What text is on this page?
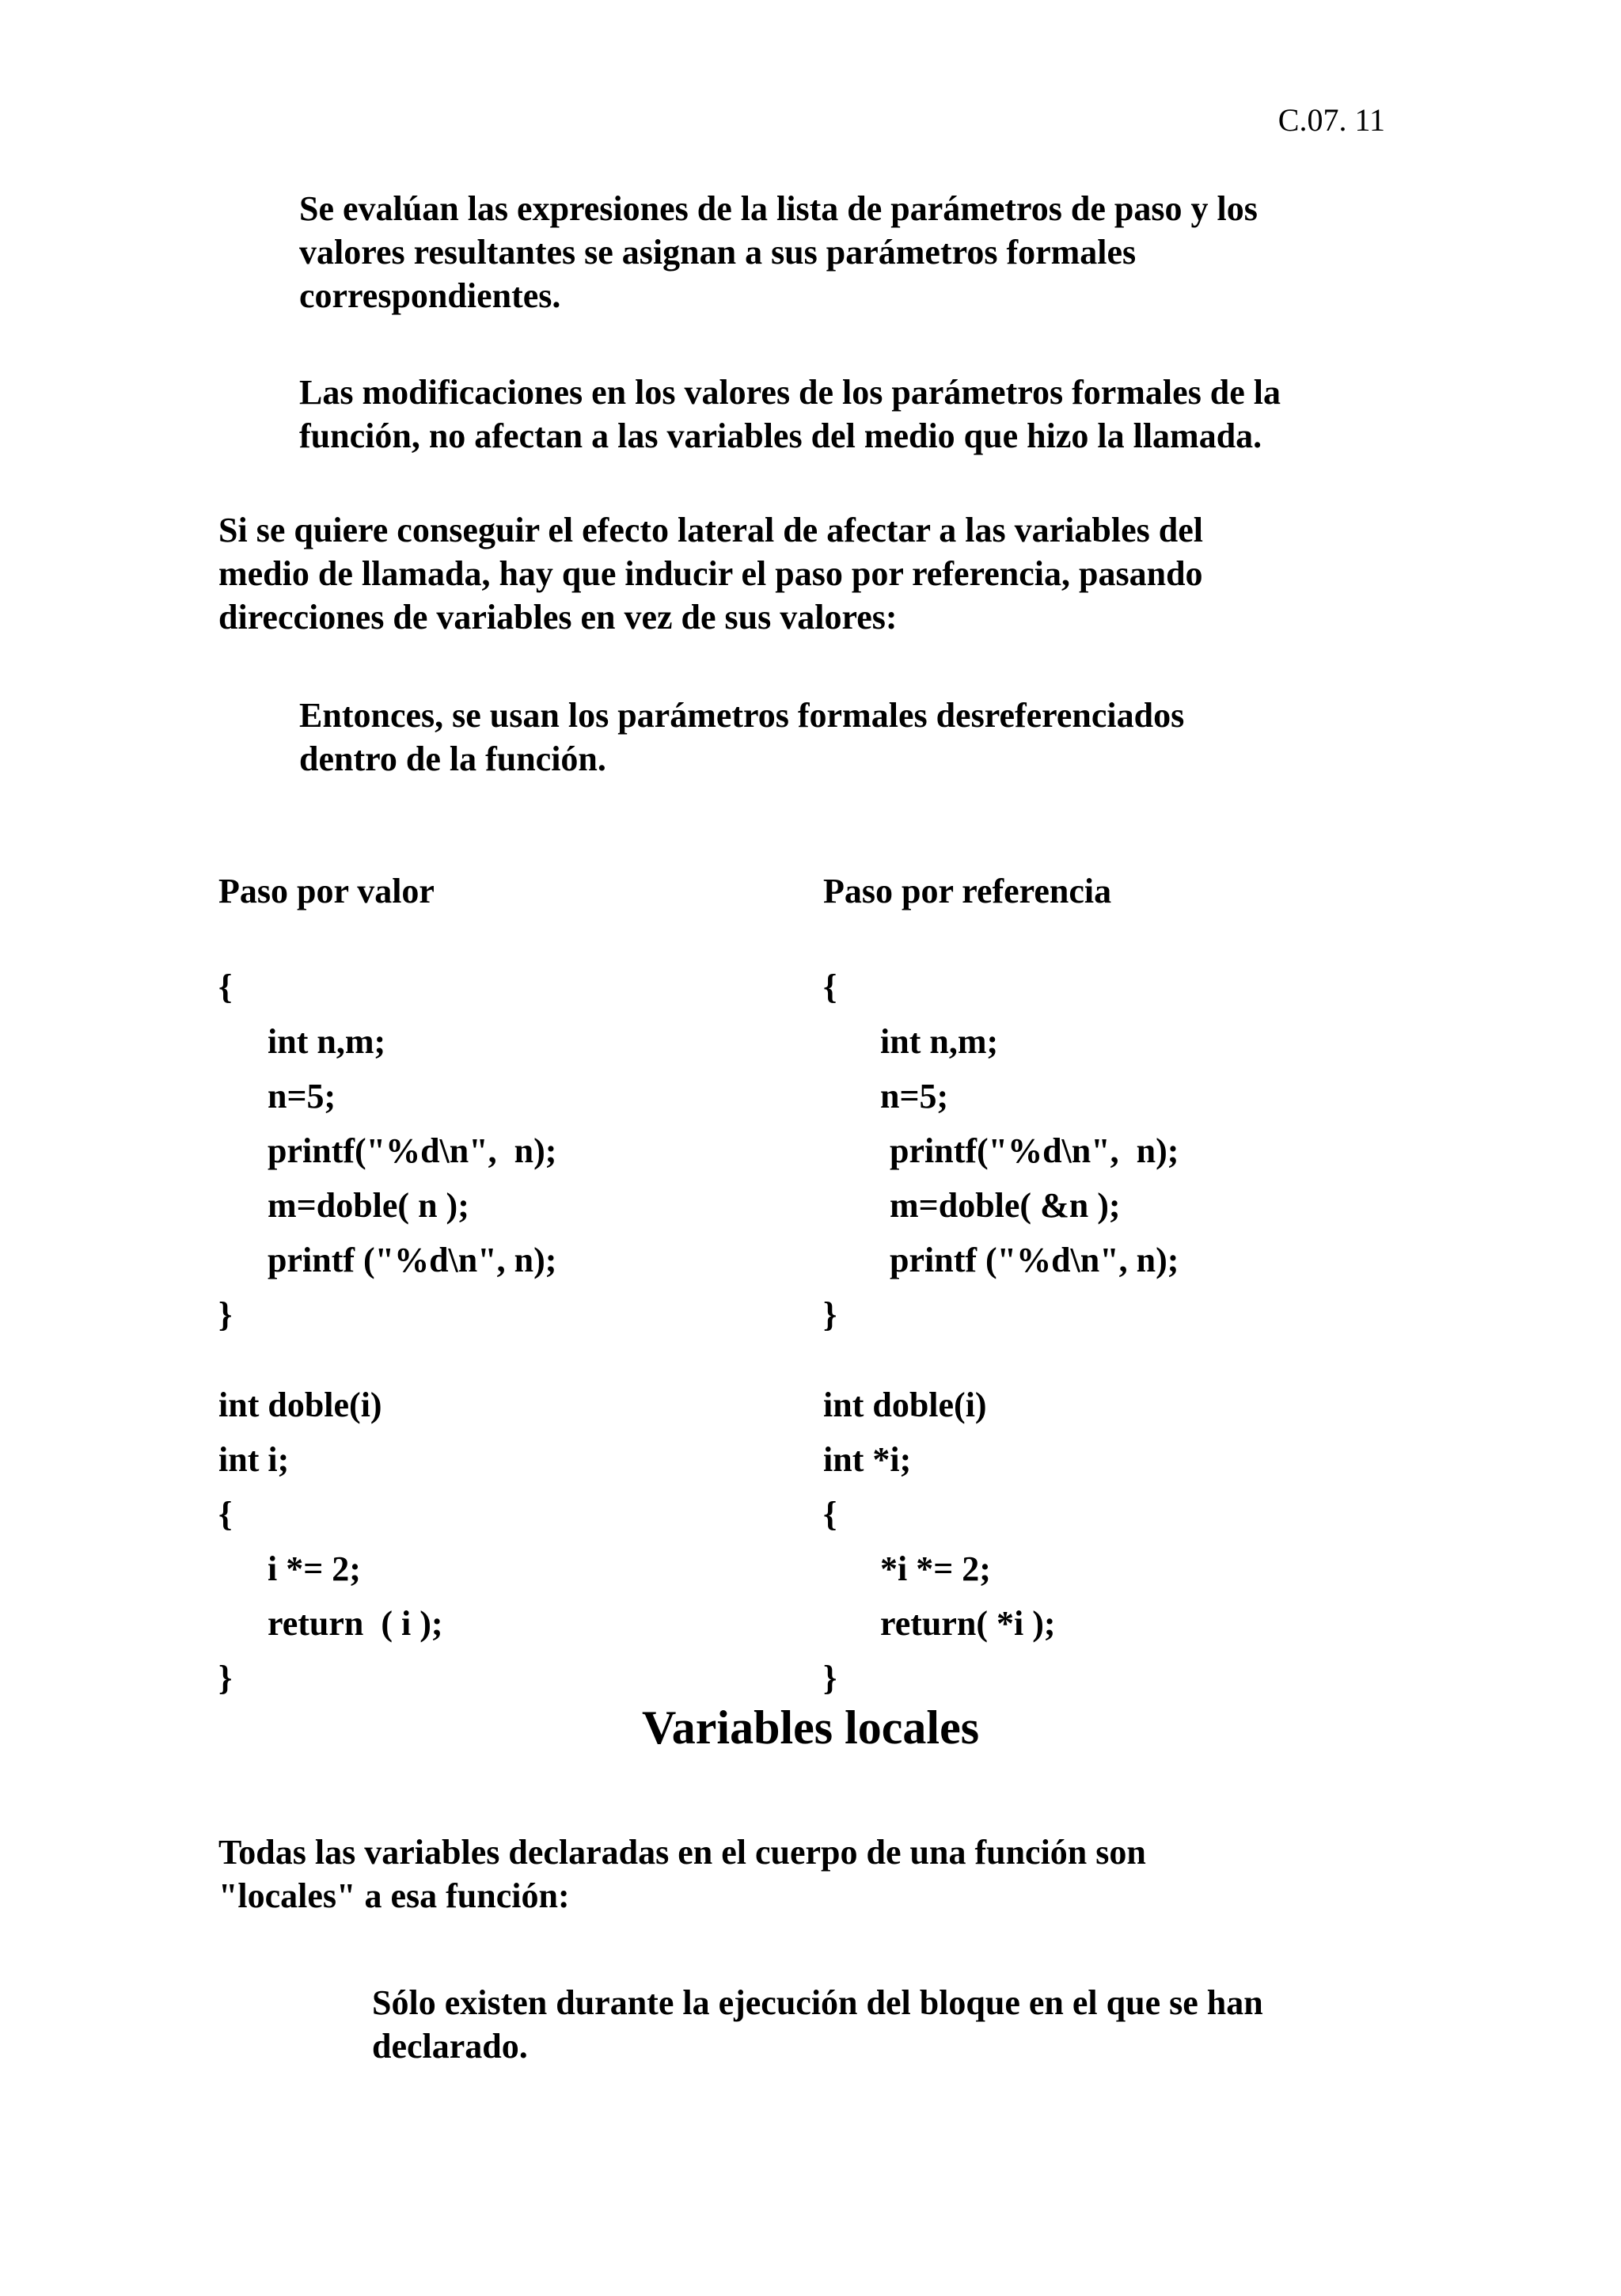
C.07. 11
Se evalúan las expresiones de la lista de parámetros de paso y los
valores resultantes se asignan a sus parámetros formales
correspondientes.
Las modificaciones en los valores de los parámetros formales de la
función, no afectan a las variables del medio que hizo la llamada.
Si se quiere conseguir el efecto lateral de afectar a las variables del
medio de llamada, hay que inducir el paso por referencia, pasando
direcciones de variables en vez de sus valores:
Entonces, se usan los parámetros formales desreferenciados
dentro de la función.
Paso por valor	Paso por referencia
{
int n,m;
n=5;
printf("%d\n",  n);
m=doble( n );
printf ("%d\n", n);
}
{
int n,m;
n=5;
printf("%d\n",  n);
m=doble( &n );
printf ("%d\n", n);
}
int doble(i)
int i;
{
i *= 2;
return  ( i );
}
int doble(i)
int *i;
{
*i *= 2;
return( *i );
}
Variables locales
Todas las variables declaradas en el cuerpo de una función son
"locales" a esa función:
Sólo existen durante la ejecución del bloque en el que se han
declarado.
